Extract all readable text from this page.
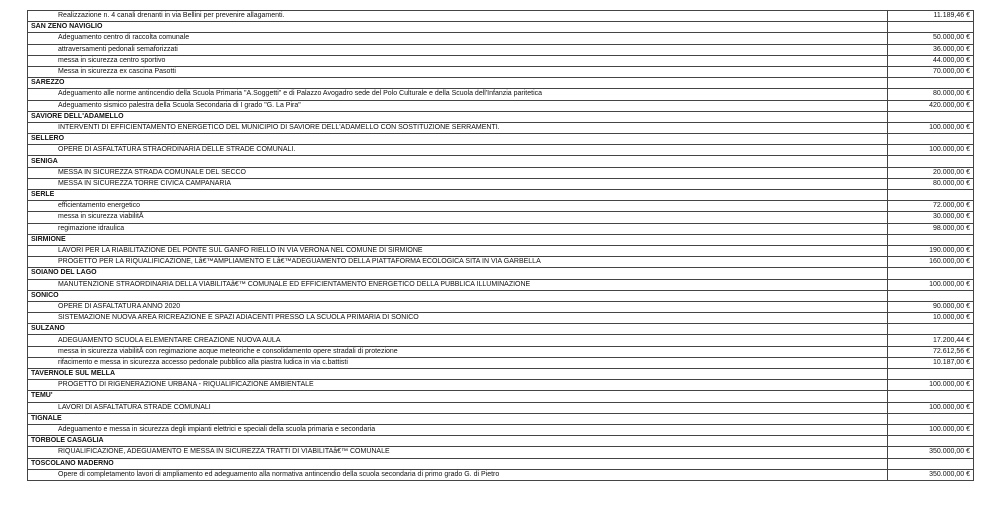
Realizzazione n. 4 canali drenanti in via Bellini per prevenire allagamenti.	11.189,46 €
SAN ZENO NAVIGLIO	
Adeguamento centro di raccolta comunale	50.000,00 €
attraversamenti pedonali semaforizzati	36.000,00 €
messa in sicurezza centro sportivo	44.000,00 €
Messa in sicurezza ex cascina Pasotti	70.000,00 €
SAREZZO	
Adeguamento alle norme antincendio della Scuola Primaria "A.Soggetti" e di Palazzo Avogadro sede del Polo Culturale e della Scuola dell'Infanzia paritetica	80.000,00 €
Adeguamento sismico palestra della Scuola Secondaria di I grado "G. La Pira"	420.000,00 €
SAVIORE DELL'ADAMELLO	
INTERVENTI DI EFFICIENTAMENTO ENERGETICO DEL MUNICIPIO DI SAVIORE DELL'ADAMELLO CON SOSTITUZIONE SERRAMENTI.	100.000,00 €
SELLERO	
OPERE DI ASFALTATURA STRAORDINARIA DELLE STRADE COMUNALI.	100.000,00 €
SENIGA	
MESSA IN SICUREZZA STRADA COMUNALE DEL SECCO	20.000,00 €
MESSA IN SICUREZZA TORRE CIVICA CAMPANARIA	80.000,00 €
SERLE	
efficientamento energetico	72.000,00 €
messa in sicurezza viabilitÃ	30.000,00 €
regimazione idraulica	98.000,00 €
SIRMIONE	
LAVORI PER LA RIABILITAZIONE DEL PONTE SUL GANFO RIELLO IN VIA VERONA NEL COMUNE DI SIRMIONE	190.000,00 €
PROGETTO PER LA RIQUALIFICAZIONE, Lâ€™AMPLIAMENTO E Lâ€™ADEGUAMENTO DELLA PIATTAFORMA ECOLOGICA SITA IN VIA GARBELLA	160.000,00 €
SOIANO DEL LAGO	
MANUTENZIONE STRAORDINARIA DELLA VIABILITAâ€™ COMUNALE ED EFFICIENTAMENTO ENERGETICO DELLA PUBBLICA ILLUMINAZIONE	100.000,00 €
SONICO	
OPERE DI ASFALTATURA ANNO 2020	90.000,00 €
SISTEMAZIONE NUOVA AREA RICREAZIONE E SPAZI ADIACENTI PRESSO LA SCUOLA PRIMARIA DI SONICO	10.000,00 €
SULZANO	
ADEGUAMENTO SCUOLA ELEMENTARE CREAZIONE NUOVA AULA	17.200,44 €
messa in sicurezza viabilitÃ con regimazione acque meteoriche e consolidamento opere stradali di protezione	72.612,56 €
rifacimento e messa in sicurezza accesso pedonale pubblico alla piastra ludica in via c.battisti	10.187,00 €
TAVERNOLE SUL MELLA	
PROGETTO DI RIGENERAZIONE URBANA - RIQUALIFICAZIONE AMBIENTALE	100.000,00 €
TEMU'	
LAVORI DI ASFALTATURA STRADE COMUNALI	100.000,00 €
TIGNALE	
Adeguamento e messa in sicurezza degli impianti elettrici e speciali della scuola primaria e secondaria	100.000,00 €
TORBOLE CASAGLIA	
RIQUALIFICAZIONE, ADEGUAMENTO E MESSA IN SICUREZZA TRATTI DI VIABILITAâ€™ COMUNALE	350.000,00 €
TOSCOLANO MADERNO	
Opere di completamento lavori di ampliamento ed adeguamento alla normativa antincendio della scuola secondaria di primo grado G. di Pietro	350.000,00 €
